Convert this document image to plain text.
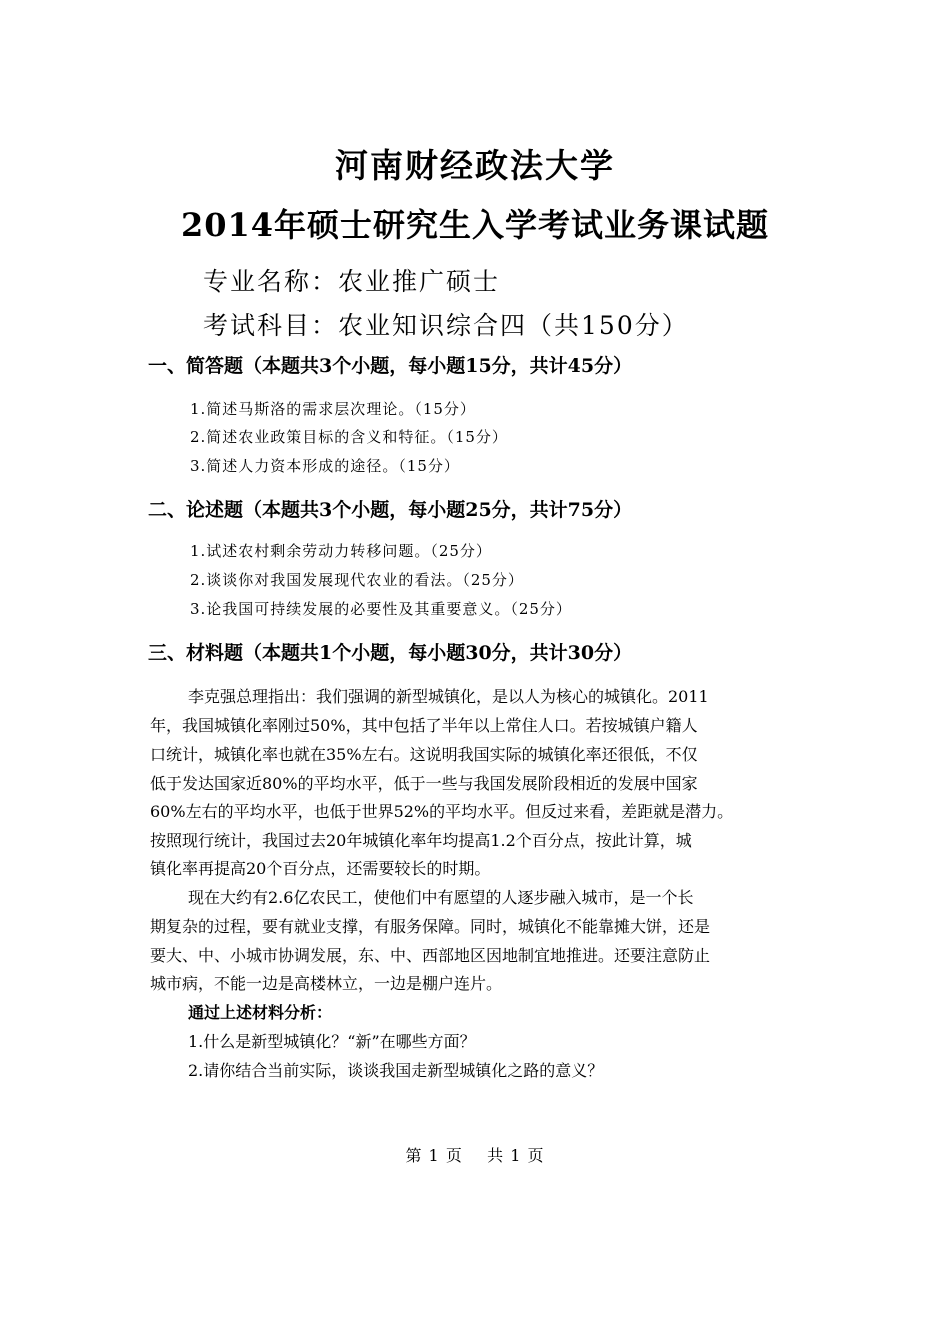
河南财经政法大学
2014年硕士研究生入学考试业务课试题
专业名称：农业推广硕士
考试科目：农业知识综合四（共150分）
一、简答题（本题共3个小题，每小题15分，共计45分）
1.简述马斯洛的需求层次理论。（15分）
2.简述农业政策目标的含义和特征。（15分）
3.简述人力资本形成的途径。（15分）
二、论述题（本题共3个小题，每小题25分，共计75分）
1.试述农村剩余劳动力转移问题。（25分）
2.谈谈你对我国发展现代农业的看法。（25分）
3.论我国可持续发展的必要性及其重要意义。（25分）
三、材料题（本题共1个小题，每小题30分，共计30分）
李克强总理指出：我们强调的新型城镇化，是以人为核心的城镇化。2011
年，我国城镇化率刚过50%，其中包括了半年以上常住人口。若按城镇户籍人
口统计，城镇化率也就在35%左右。这说明我国实际的城镇化率还很低，不仅
低于发达国家近80%的平均水平，低于一些与我国发展阶段相近的发展中国家
60%左右的平均水平，也低于世界52%的平均水平。但反过来看，差距就是潜力。
按照现行统计，我国过去20年城镇化率年均提高1.2个百分点，按此计算，城
镇化率再提高20个百分点，还需要较长的时期。
现在大约有2.6亿农民工，使他们中有愿望的人逐步融入城市，是一个长
期复杂的过程，要有就业支撑，有服务保障。同时，城镇化不能靠摊大饼，还是
要大、中、小城市协调发展，东、中、西部地区因地制宜地推进。还要注意防止
城市病，不能一边是高楼林立，一边是棚户连片。
通过上述材料分析：
1.什么是新型城镇化？“新”在哪些方面？
2.请你结合当前实际，谈谈我国走新型城镇化之路的意义？
第 1 页    共 1 页
